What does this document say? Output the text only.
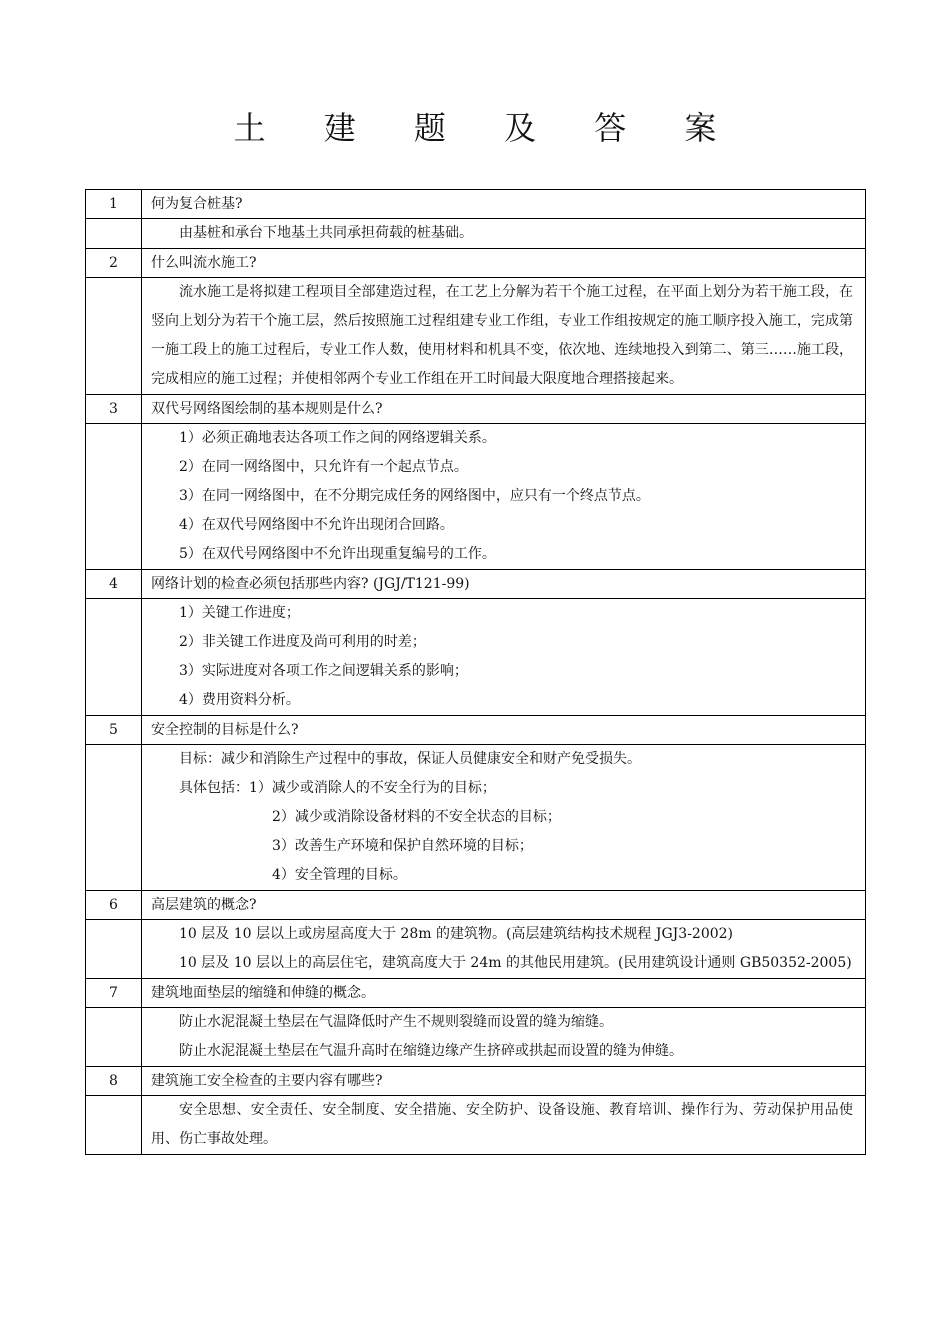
土 建 题 及 答 案
1	何为复合桩基?

	由基桩和承台下地基土共同承担荷载的桩基础。

2	什么叫流水施工?

	流水施工是将拟建工程项目全部建造过程，在工艺上分解为若干个施工过程，在平面上划分为若干施工段，在竖向上划分为若干个施工层，然后按照施工过程组建专业工作组，专业工作组按规定的施工顺序投入施工，完成第一施工段上的施工过程后，专业工作人数，使用材料和机具不变，依次地、连续地投入到第二、第三……施工段，完成相应的施工过程；并使相邻两个专业工作组在开工时间最大限度地合理搭接起来。

3	双代号网络图绘制的基本规则是什么?

	1）必须正确地表达各项工作之间的网络逻辑关系。
2）在同一网络图中，只允许有一个起点节点。
3）在同一网络图中，在不分期完成任务的网络图中，应只有一个终点节点。
4）在双代号网络图中不允许出现闭合回路。
5）在双代号网络图中不允许出现重复编号的工作。

4	网络计划的检查必须包括那些内容? (JGJ/T121-99)

	1）关键工作进度；
2）非关键工作进度及尚可利用的时差；
3）实际进度对各项工作之间逻辑关系的影响；
4）费用资料分析。

5	安全控制的目标是什么?

	目标：减少和消除生产过程中的事故，保证人员健康安全和财产免受损失。
具体包括：1）减少或消除人的不安全行为的目标；
2）减少或消除设备材料的不安全状态的目标；
3）改善生产环境和保护自然环境的目标；
4）安全管理的目标。

6	高层建筑的概念?

	10 层及 10 层以上或房屋高度大于 28m 的建筑物。(高层建筑结构技术规程 JGJ3-2002)
10 层及 10 层以上的高层住宅，建筑高度大于 24m 的其他民用建筑。(民用建筑设计通则 GB50352-2005)

7	建筑地面垫层的缩缝和伸缝的概念。

	防止水泥混凝土垫层在气温降低时产生不规则裂缝而设置的缝为缩缝。
防止水泥混凝土垫层在气温升高时在缩缝边缘产生挤碎或拱起而设置的缝为伸缝。

8	建筑施工安全检查的主要内容有哪些?

	安全思想、安全责任、安全制度、安全措施、安全防护、设备设施、教育培训、操作行为、劳动保护用品使用、伤亡事故处理。
